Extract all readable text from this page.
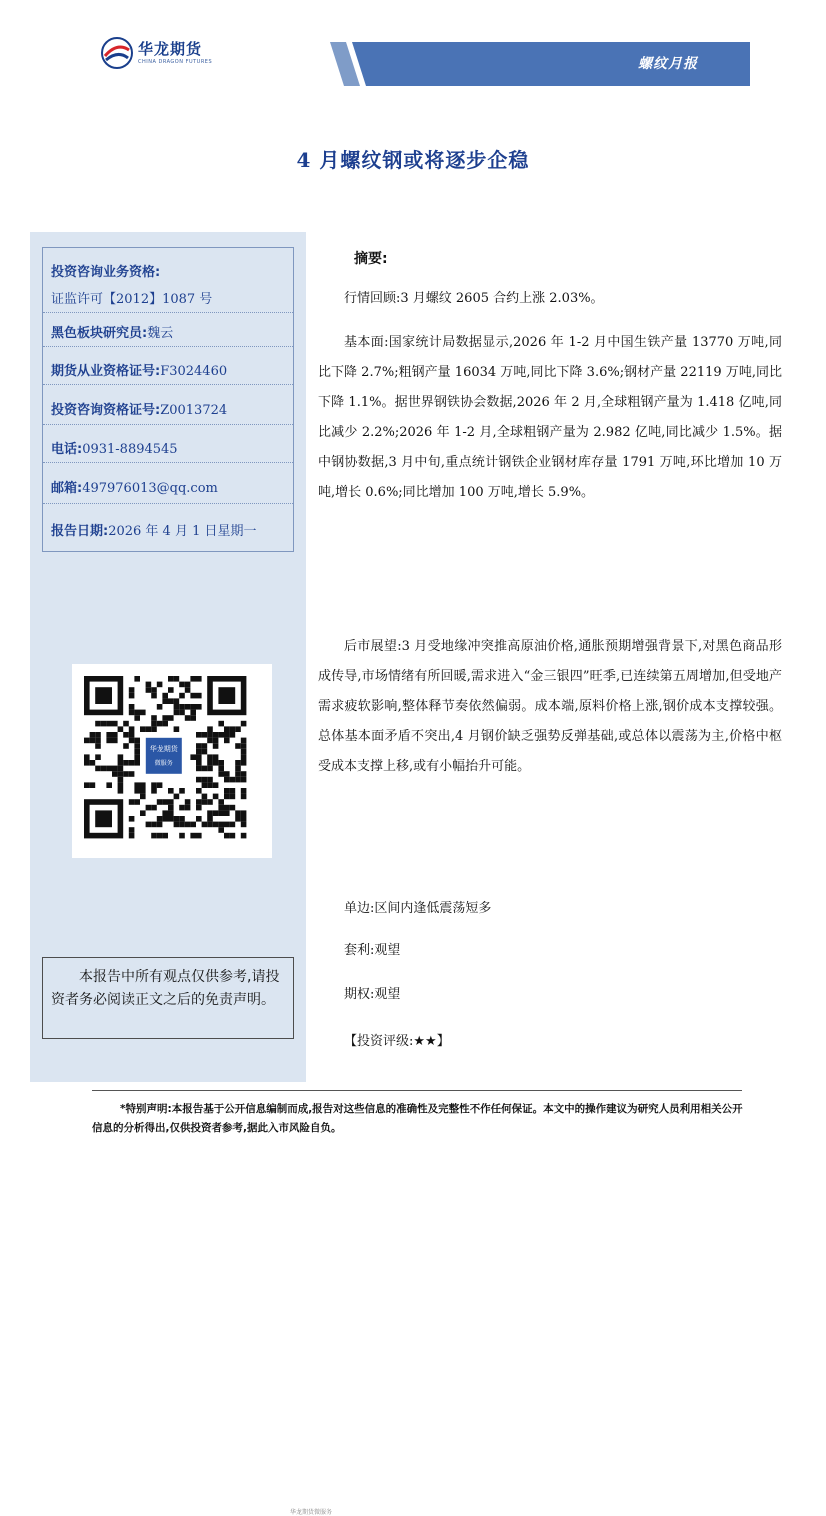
华龙期货
CHINA DRAGON FUTURES	螺纹月报
4 月螺纹钢或将逐步企稳
投资咨询业务资格:
证监许可【2012】1087 号
黑色板块研究员:魏云
期货从业资格证号:F3024460
投资咨询资格证号:Z0013724
电话:0931-8894545
邮箱:497976013@qq.com
报告日期:2026 年 4 月 1 日星期一
华龙期货
微服务
华龙期货微服务
本报告中所有观点仅供参考,请投资者务必阅读正文之后的免责声明。
摘要:
行情回顾:3 月螺纹 2605 合约上涨 2.03%。
基本面:国家统计局数据显示,2026 年 1-2 月中国生铁产量 13770 万吨,同比下降 2.7%;粗钢产量 16034 万吨,同比下降 3.6%;钢材产量 22119 万吨,同比下降 1.1%。据世界钢铁协会数据,2026 年 2 月,全球粗钢产量为 1.418 亿吨,同比减少 2.2%;2026 年 1-2 月,全球粗钢产量为 2.982 亿吨,同比减少 1.5%。据中钢协数据,3 月中旬,重点统计钢铁企业钢材库存量 1791 万吨,环比增加 10 万吨,增长 0.6%;同比增加 100 万吨,增长 5.9%。
后市展望:3 月受地缘冲突推高原油价格,通胀预期增强背景下,对黑色商品形成传导,市场情绪有所回暖,需求进入“金三银四”旺季,已连续第五周增加,但受地产需求疲软影响,整体释节奏依然偏弱。成本端,原料价格上涨,钢价成本支撑较强。总体基本面矛盾不突出,4 月钢价缺乏强势反弹基础,或总体以震荡为主,价格中枢受成本支撑上移,或有小幅抬升可能。
单边:区间内逢低震荡短多
套利:观望
期权:观望
【投资评级:★★】
*特别声明:本报告基于公开信息编制而成,报告对这些信息的准确性及完整性不作任何保证。本文中的操作建议为研究人员利用相关公开信息的分析得出,仅供投资者参考,据此入市风险自负。
